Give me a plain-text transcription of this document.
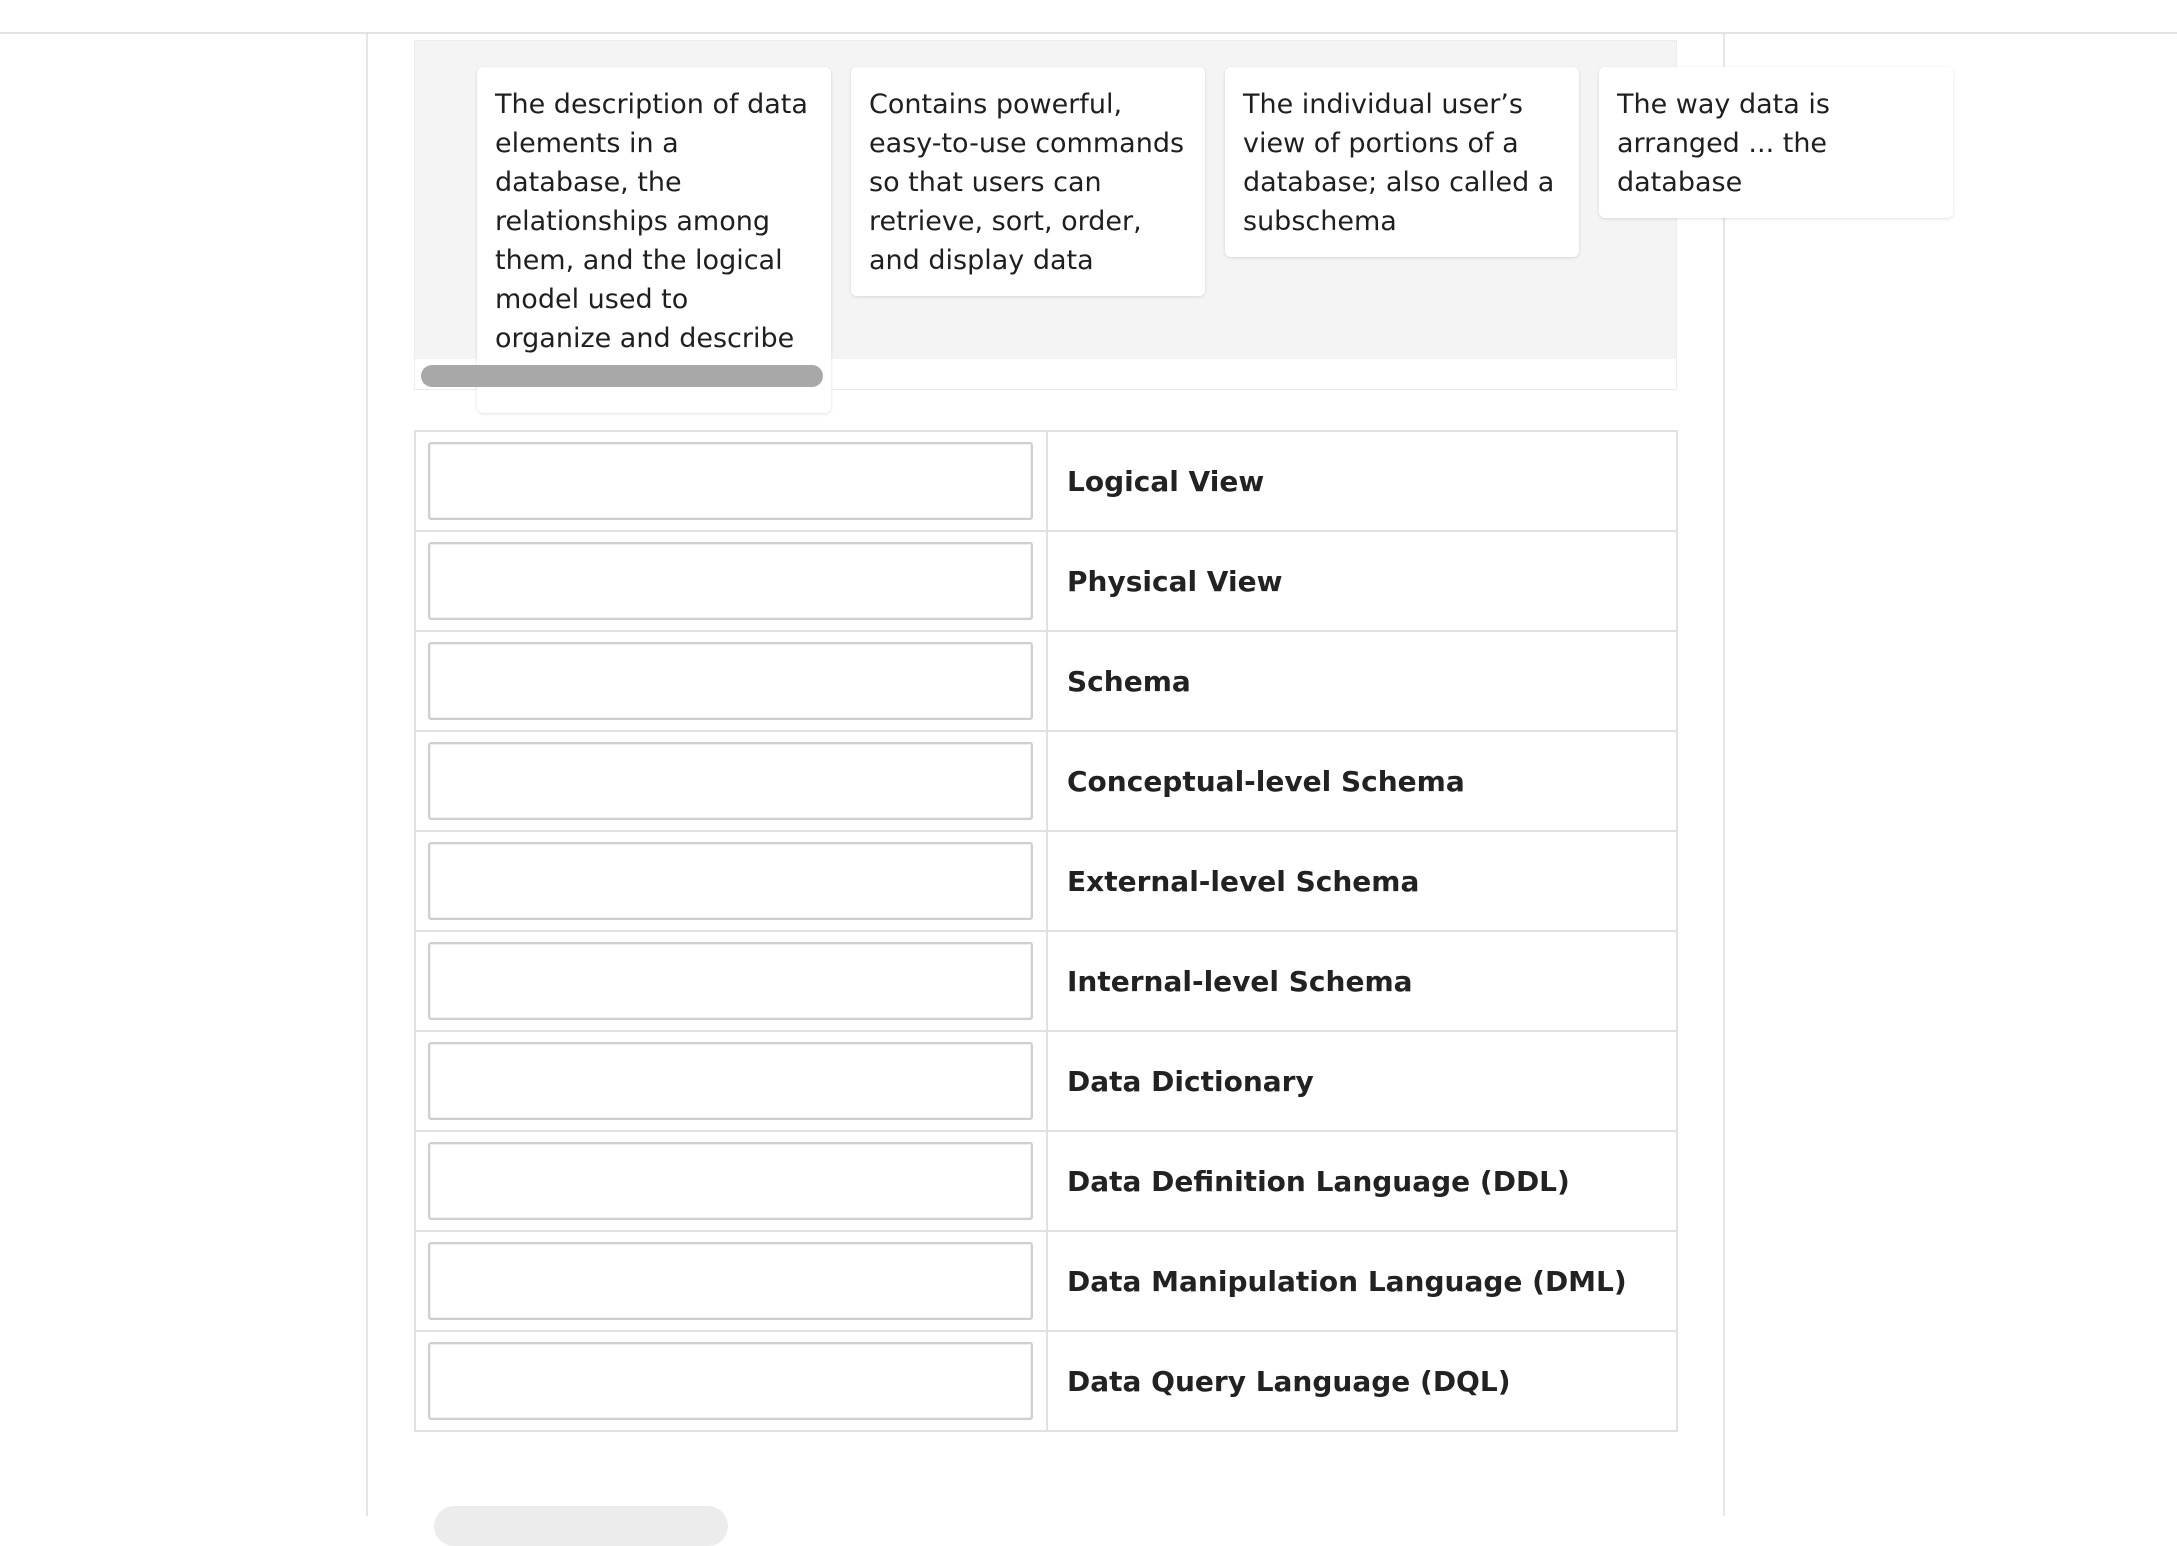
The description of data elements in a database, the relationships among them, and the logical model used to organize and describe
Contains powerful, easy-to-use commands so that users can retrieve, sort, order, and display data
The individual user’s view of portions of a database; also called a subschema
The way data is arranged ... the database
	Logical View

	Physical View

	Schema

	Conceptual-level Schema

	External-level Schema

	Internal-level Schema

	Data Dictionary

	Data Definition Language (DDL)

	Data Manipulation Language (DML)

	Data Query Language (DQL)
